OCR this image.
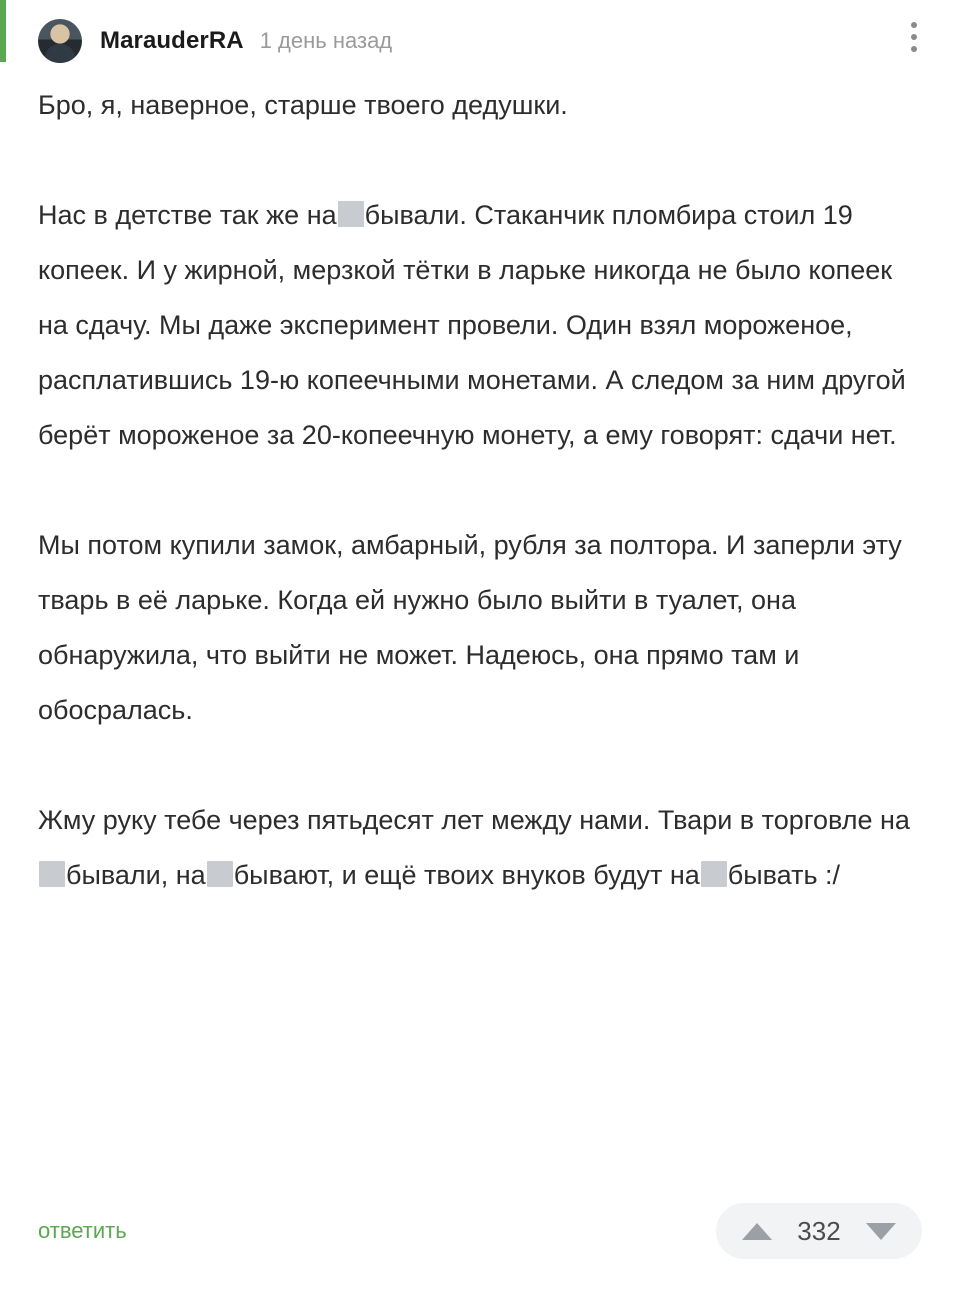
MarauderRA 1 день назад
Бро, я, наверное, старше твоего дедушки.
Нас в детстве так же на бывали. Стаканчик пломбира стоил 19 копеек. И у жирной, мерзкой тётки в ларьке никогда не было копеек на сдачу. Мы даже эксперимент провели. Один взял мороженое, расплатившись 19-ю копеечными монетами. А следом за ним другой берёт мороженое за 20-копеечную монету, а ему говорят: сдачи нет.
Мы потом купили замок, амбарный, рубля за полтора. И заперли эту тварь в её ларьке. Когда ей нужно было выйти в туалет, она обнаружила, что выйти не может. Надеюсь, она прямо там и обосралась.
Жму руку тебе через пятьдесят лет между нами. Твари в торговле набывали, на бывают, и ещё твоих внуков будут на бывать :/
ответить	332
